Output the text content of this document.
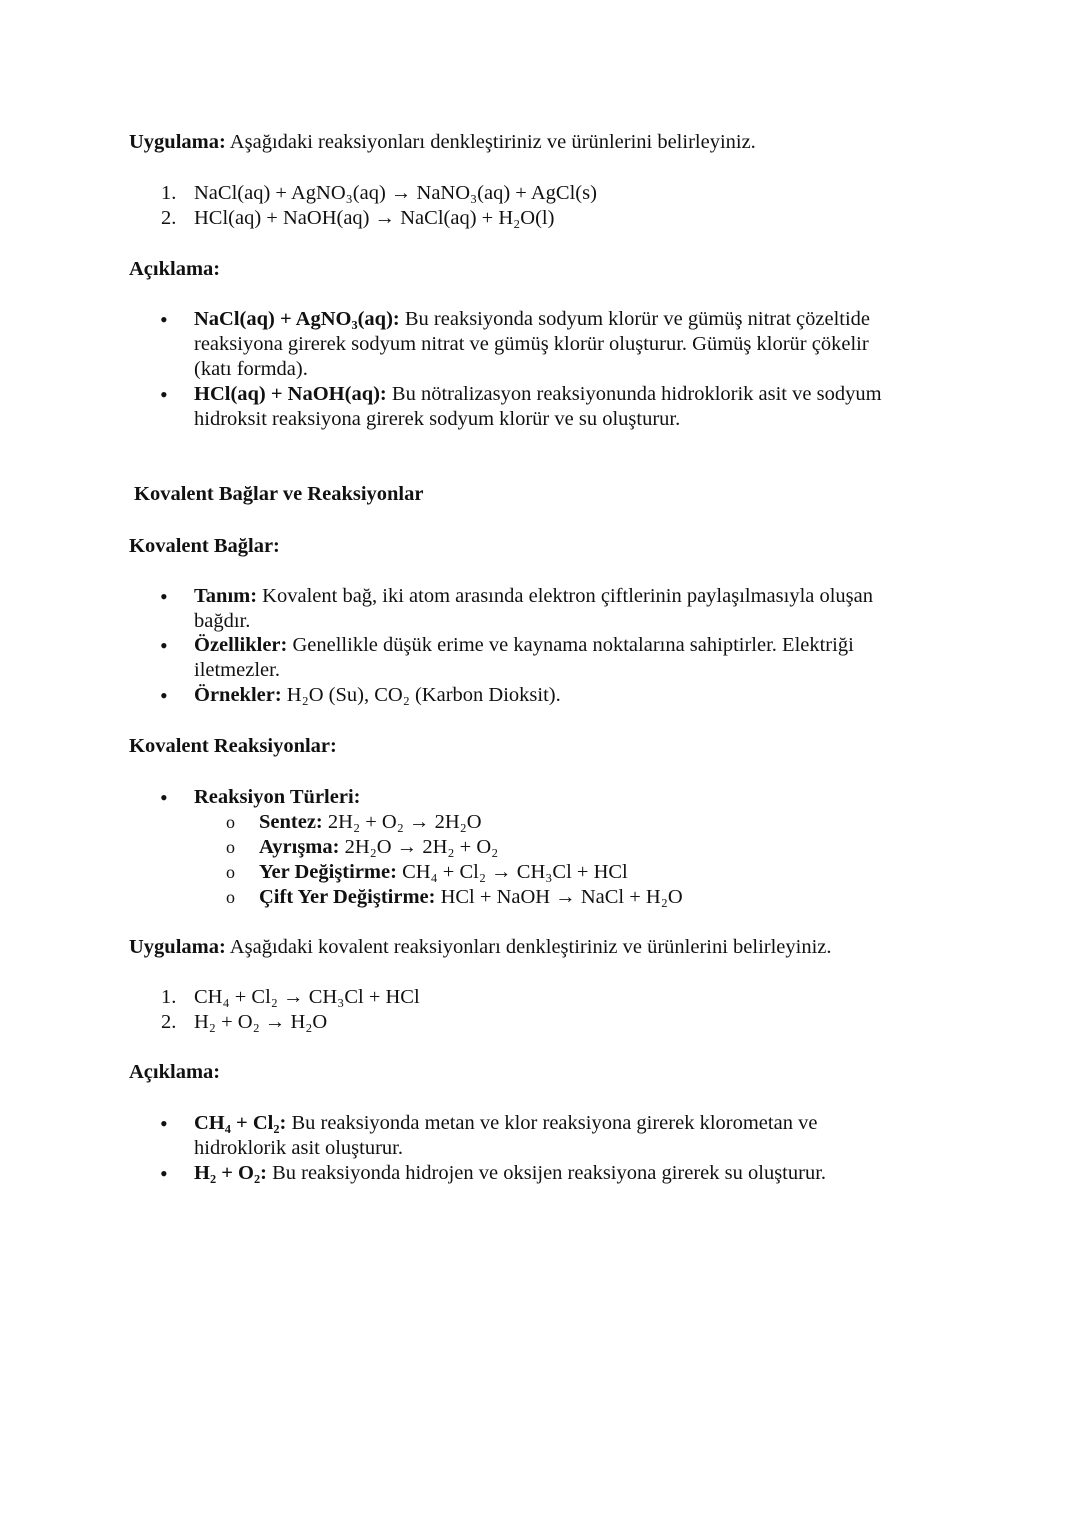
Uygulama: Aşağıdaki reaksiyonları denkleştiriniz ve ürünlerini belirleyiniz.

1. NaCl(aq) + AgNO₃(aq) → NaNO₃(aq) + AgCl(s)
2. HCl(aq) + NaOH(aq) → NaCl(aq) + H₂O(l)

Açıklama:

• NaCl(aq) + AgNO₃(aq): Bu reaksiyonda sodyum klorür ve gümüş nitrat çözeltide
reaksiyona girerek sodyum nitrat ve gümüş klorür oluşturur. Gümüş klorür çökelir
(katı formda).
• HCl(aq) + NaOH(aq): Bu nötralizasyon reaksiyonunda hidroklorik asit ve sodyum
hidroksit reaksiyona girerek sodyum klorür ve su oluşturur.

Kovalent Bağlar ve Reaksiyonlar

Kovalent Bağlar:

• Tanım: Kovalent bağ, iki atom arasında elektron çiftlerinin paylaşılmasıyla oluşan
bağdır.
• Özellikler: Genellikle düşük erime ve kaynama noktalarına sahiptirler. Elektriği
iletmezler.
• Örnekler: H₂O (Su), CO₂ (Karbon Dioksit).

Kovalent Reaksiyonlar:

• Reaksiyon Türleri:
o Sentez: 2H₂ + O₂ → 2H₂O
o Ayrışma: 2H₂O → 2H₂ + O₂
o Yer Değiştirme: CH₄ + Cl₂ → CH₃Cl + HCl
o Çift Yer Değiştirme: HCl + NaOH → NaCl + H₂O

Uygulama: Aşağıdaki kovalent reaksiyonları denkleştiriniz ve ürünlerini belirleyiniz.

1. CH₄ + Cl₂ → CH₃Cl + HCl
2. H₂ + O₂ → H₂O

Açıklama:

• CH₄ + Cl₂: Bu reaksiyonda metan ve klor reaksiyona girerek klorometan ve
hidroklorik asit oluşturur.
• H₂ + O₂: Bu reaksiyonda hidrojen ve oksijen reaksiyona girerek su oluşturur.
